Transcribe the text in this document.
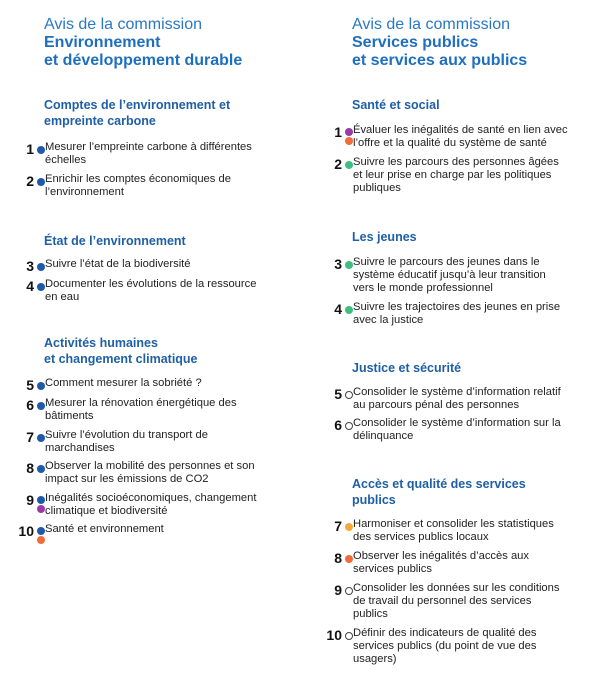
Avis de la commission
Environnement
et développement durable
Comptes de l’environnement et
empreinte carbone
1 Mesurer l’empreinte carbone à différentes
échelles
2 Enrichir les comptes économiques de
l’environnement
État de l’environnement
3 Suivre l’état de la biodiversité
4 Documenter les évolutions de la ressource
en eau
Activités humaines
et changement climatique
5 Comment mesurer la sobriété ?
6 Mesurer la rénovation énergétique des
bâtiments
7 Suivre l’évolution du transport de
marchandises
8 Observer la mobilité des personnes et son
impact sur les émissions de CO2
9 Inégalités socioéconomiques, changement
climatique et biodiversité
10 Santé et environnement
Avis de la commission
Services publics
et services aux publics
Santé et social
1 Évaluer les inégalités de santé en lien avec
l’offre et la qualité du système de santé
2 Suivre les parcours des personnes âgées
et leur prise en charge par les politiques
publiques
Les jeunes
3 Suivre le parcours des jeunes dans le
système éducatif jusqu’à leur transition
vers le monde professionnel
4 Suivre les trajectoires des jeunes en prise
avec la justice
Justice et sécurité
5 Consolider le système d’information relatif
au parcours pénal des personnes
6 Consolider le système d’information sur la
délinquance
Accès et qualité des services
publics
7 Harmoniser et consolider les statistiques
des services publics locaux
8 Observer les inégalités d’accès aux
services publics
9 Consolider les données sur les conditions
de travail du personnel des services
publics
10 Définir des indicateurs de qualité des
services publics (du point de vue des
usagers)
